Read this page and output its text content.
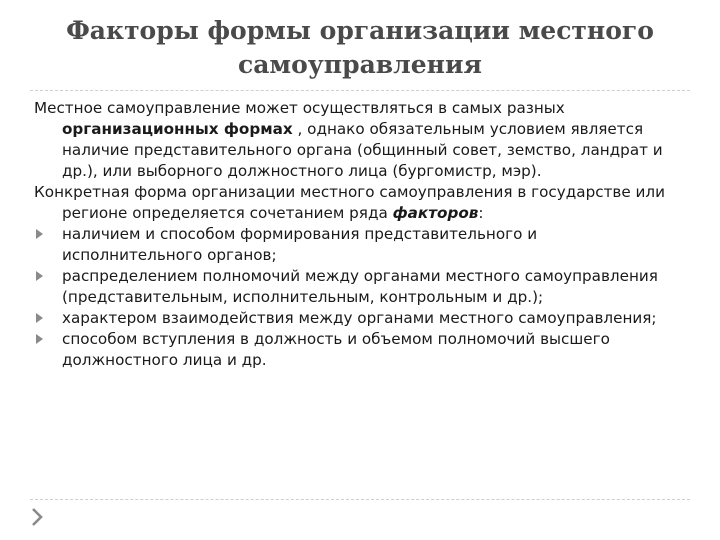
Факторы формы организации местного самоуправления

Местное самоуправление может осуществляться в самых разных организационных формах , однако обязательным условием является наличие представительного органа (общинный совет, земство, ландрат и др.), или выборного должностного лица (бургомистр, мэр).

Конкретная форма организации местного самоуправления в государстве или регионе определяется сочетанием ряда факторов:

наличием и способом формирования представительного и исполнительного органов;
распределением полномочий между органами местного самоуправления (представительным, исполнительным, контрольным и др.);
характером взаимодействия между органами местного самоуправления;
способом вступления в должность и объемом полномочий высшего должностного лица и др.
